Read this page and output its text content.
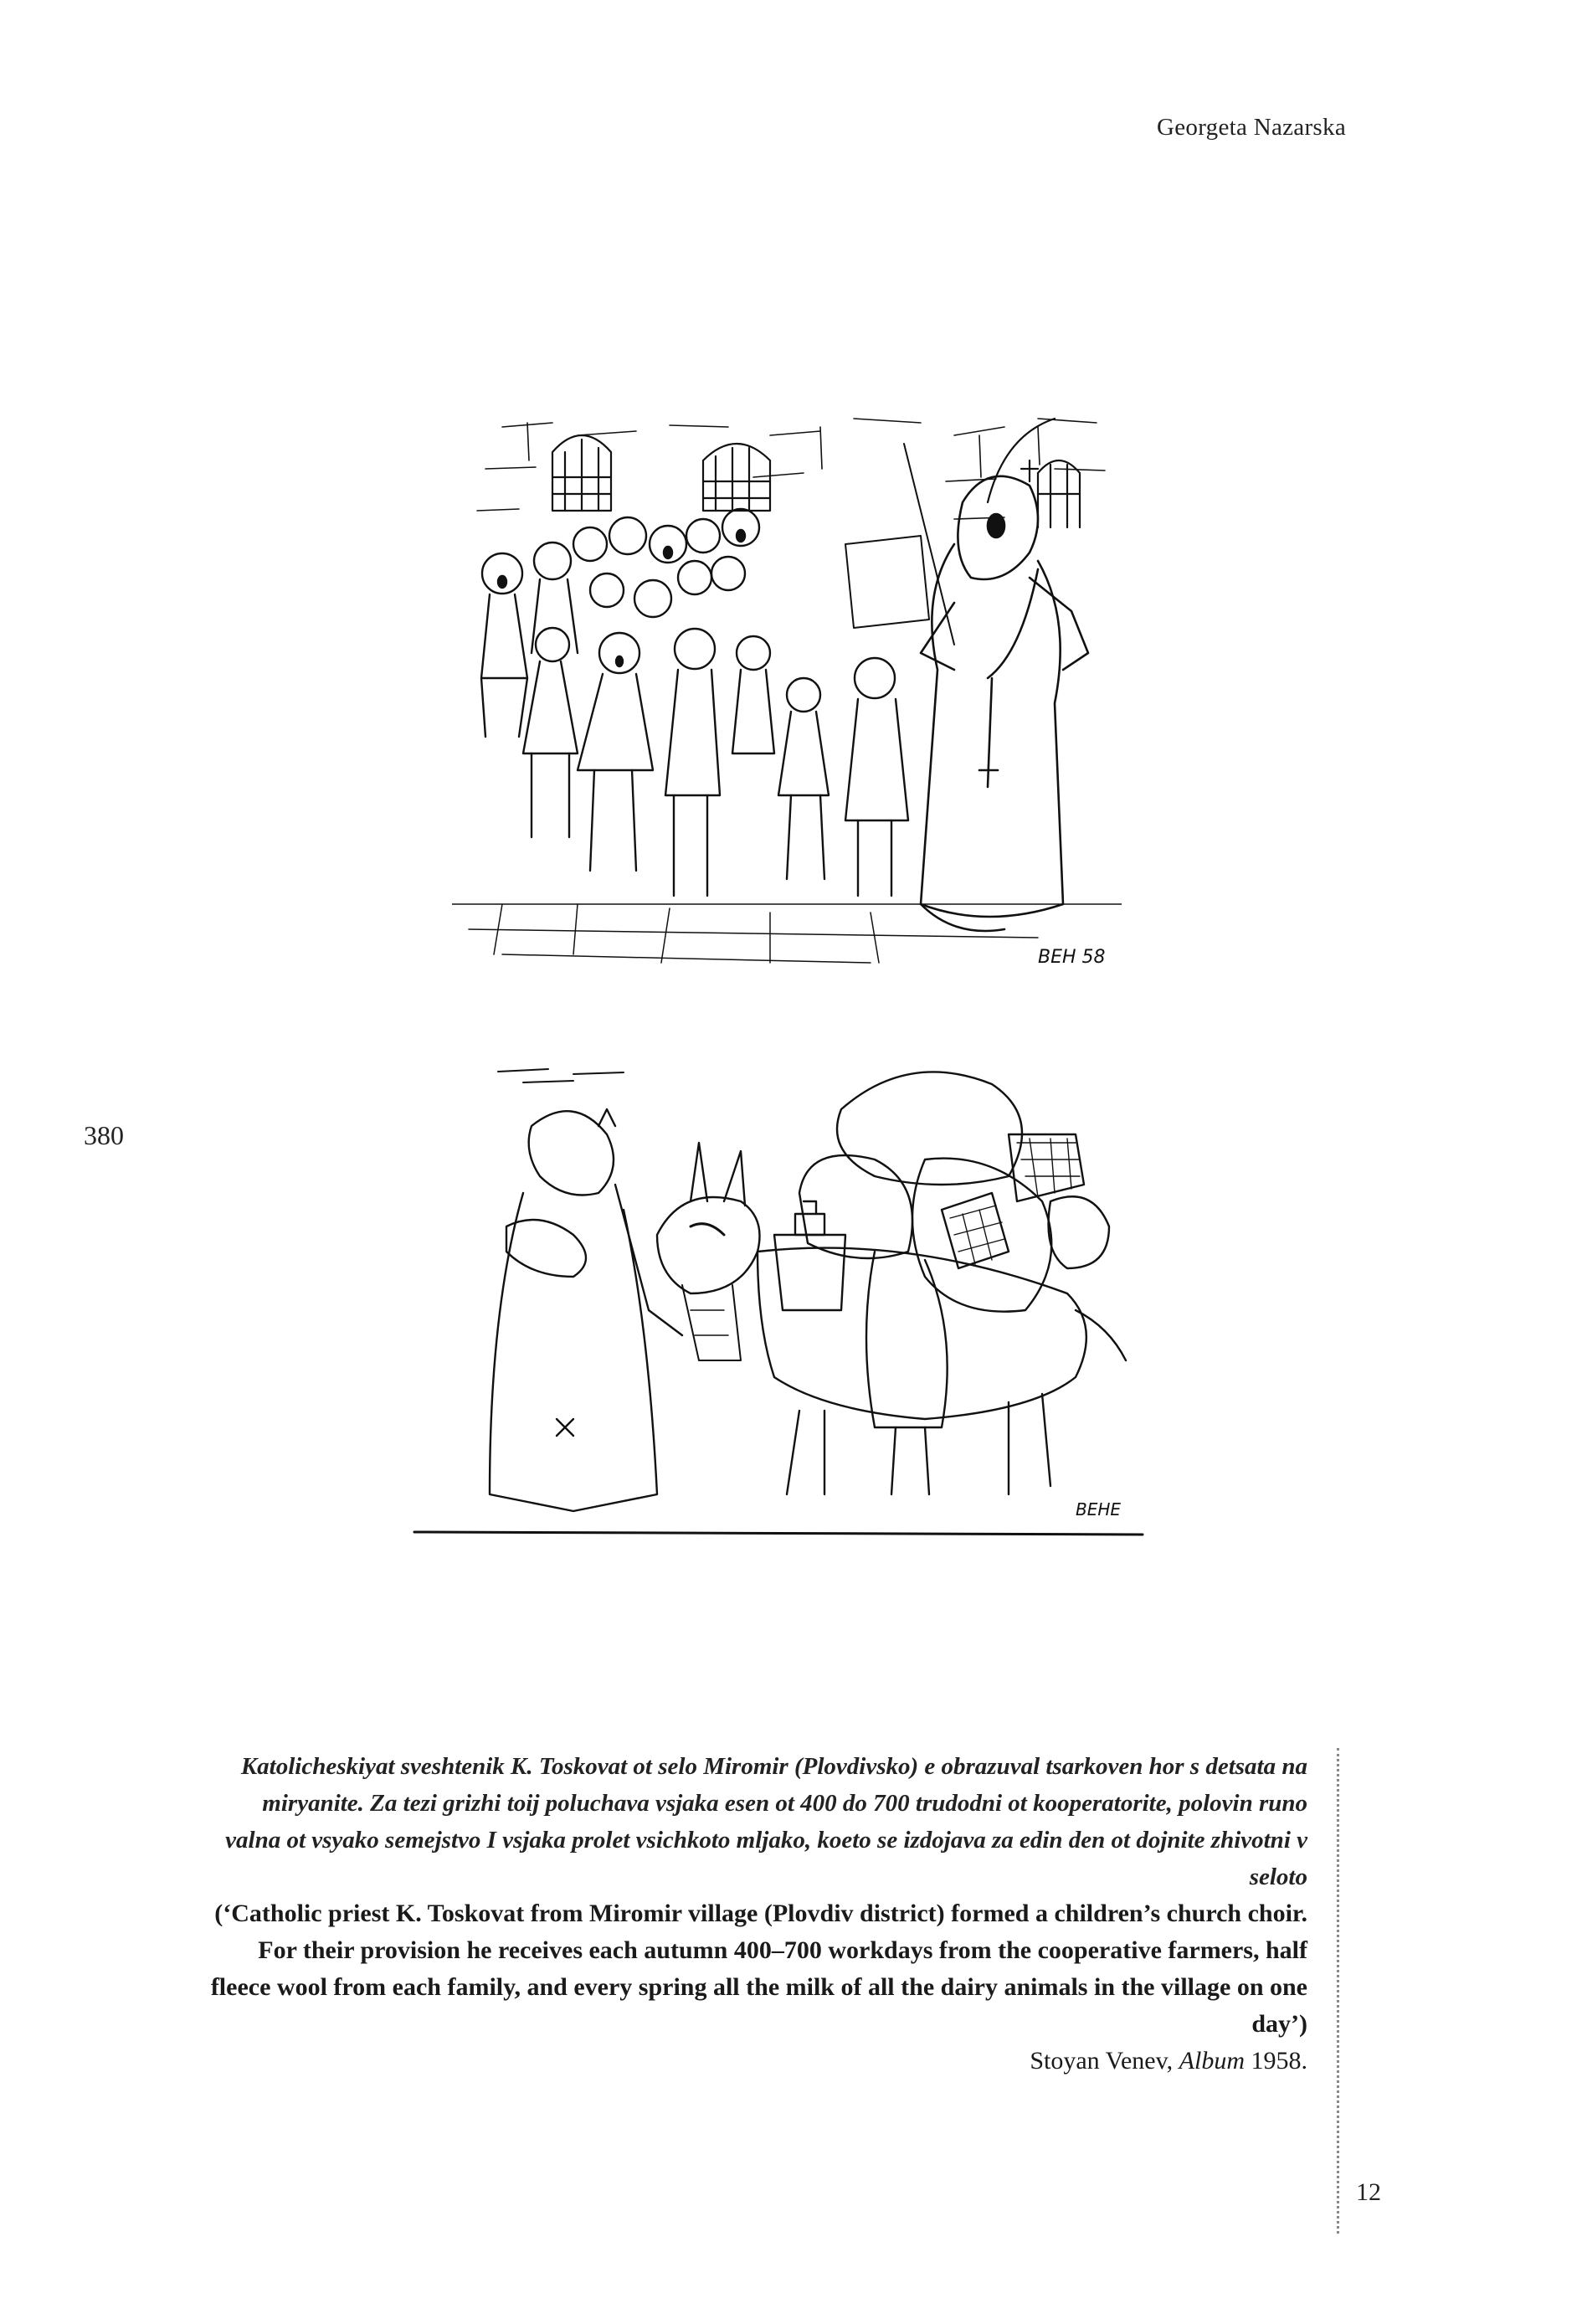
Georgeta Nazarska
380
ВЕН 58
ВЕНЕ

Katolicheskiyat sveshtenik K. Toskovat ot selo Miromir (Plovdivsko) e obrazuval tsarkoven hor s detsata na miryanite. Za tezi grizhi toij poluchava vsjaka esen ot 400 do 700 trudodni ot kooperatorite, polovin runo valna ot vsyako semejstvo I vsjaka prolet vsichkoto mljako, koeto se izdojava za edin den ot dojnite zhivotni v seloto

(‘Catholic priest K. Toskovat from Miromir village (Plovdiv district) formed a children’s church choir. For their provision he receives each autumn 400–700 workdays from the cooperative farmers, half fleece wool from each family, and every spring all the milk of all the dairy animals in the village on one day’)

Stoyan Venev, Album 1958.

12
